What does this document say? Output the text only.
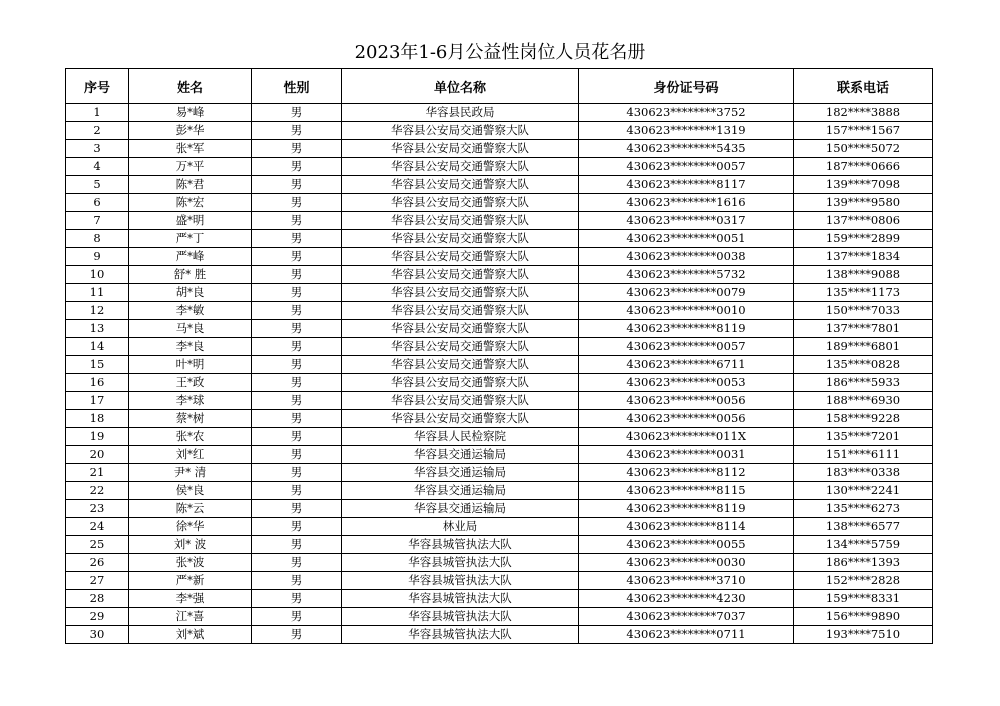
2023年1-6月公益性岗位人员花名册
序号	姓名	性别	单位名称	身份证号码	联系电话
1	易*峰	男	华容县民政局	430623********3752	182****3888
2	彭*华	男	华容县公安局交通警察大队	430623********1319	157****1567
3	张*军	男	华容县公安局交通警察大队	430623********5435	150****5072
4	万*平	男	华容县公安局交通警察大队	430623********0057	187****0666
5	陈*君	男	华容县公安局交通警察大队	430623********8117	139****7098
6	陈*宏	男	华容县公安局交通警察大队	430623********1616	139****9580
7	盛*明	男	华容县公安局交通警察大队	430623********0317	137****0806
8	严*丁	男	华容县公安局交通警察大队	430623********0051	159****2899
9	严*峰	男	华容县公安局交通警察大队	430623********0038	137****1834
10	舒* 胜	男	华容县公安局交通警察大队	430623********5732	138****9088
11	胡*良	男	华容县公安局交通警察大队	430623********0079	135****1173
12	李*敏	男	华容县公安局交通警察大队	430623********0010	150****7033
13	马*良	男	华容县公安局交通警察大队	430623********8119	137****7801
14	李*良	男	华容县公安局交通警察大队	430623********0057	189****6801
15	叶*明	男	华容县公安局交通警察大队	430623********6711	135****0828
16	王*政	男	华容县公安局交通警察大队	430623********0053	186****5933
17	李*球	男	华容县公安局交通警察大队	430623********0056	188****6930
18	蔡*树	男	华容县公安局交通警察大队	430623********0056	158****9228
19	张*农	男	华容县人民检察院	430623********011X	135****7201
20	刘*红	男	华容县交通运输局	430623********0031	151****6111
21	尹* 清	男	华容县交通运输局	430623********8112	183****0338
22	侯*良	男	华容县交通运输局	430623********8115	130****2241
23	陈*云	男	华容县交通运输局	430623********8119	135****6273
24	徐*华	男	林业局	430623********8114	138****6577
25	刘* 波	男	华容县城管执法大队	430623********0055	134****5759
26	张*波	男	华容县城管执法大队	430623********0030	186****1393
27	严*新	男	华容县城管执法大队	430623********3710	152****2828
28	李*强	男	华容县城管执法大队	430623********4230	159****8331
29	江*喜	男	华容县城管执法大队	430623********7037	156****9890
30	刘*斌	男	华容县城管执法大队	430623********0711	193****7510
